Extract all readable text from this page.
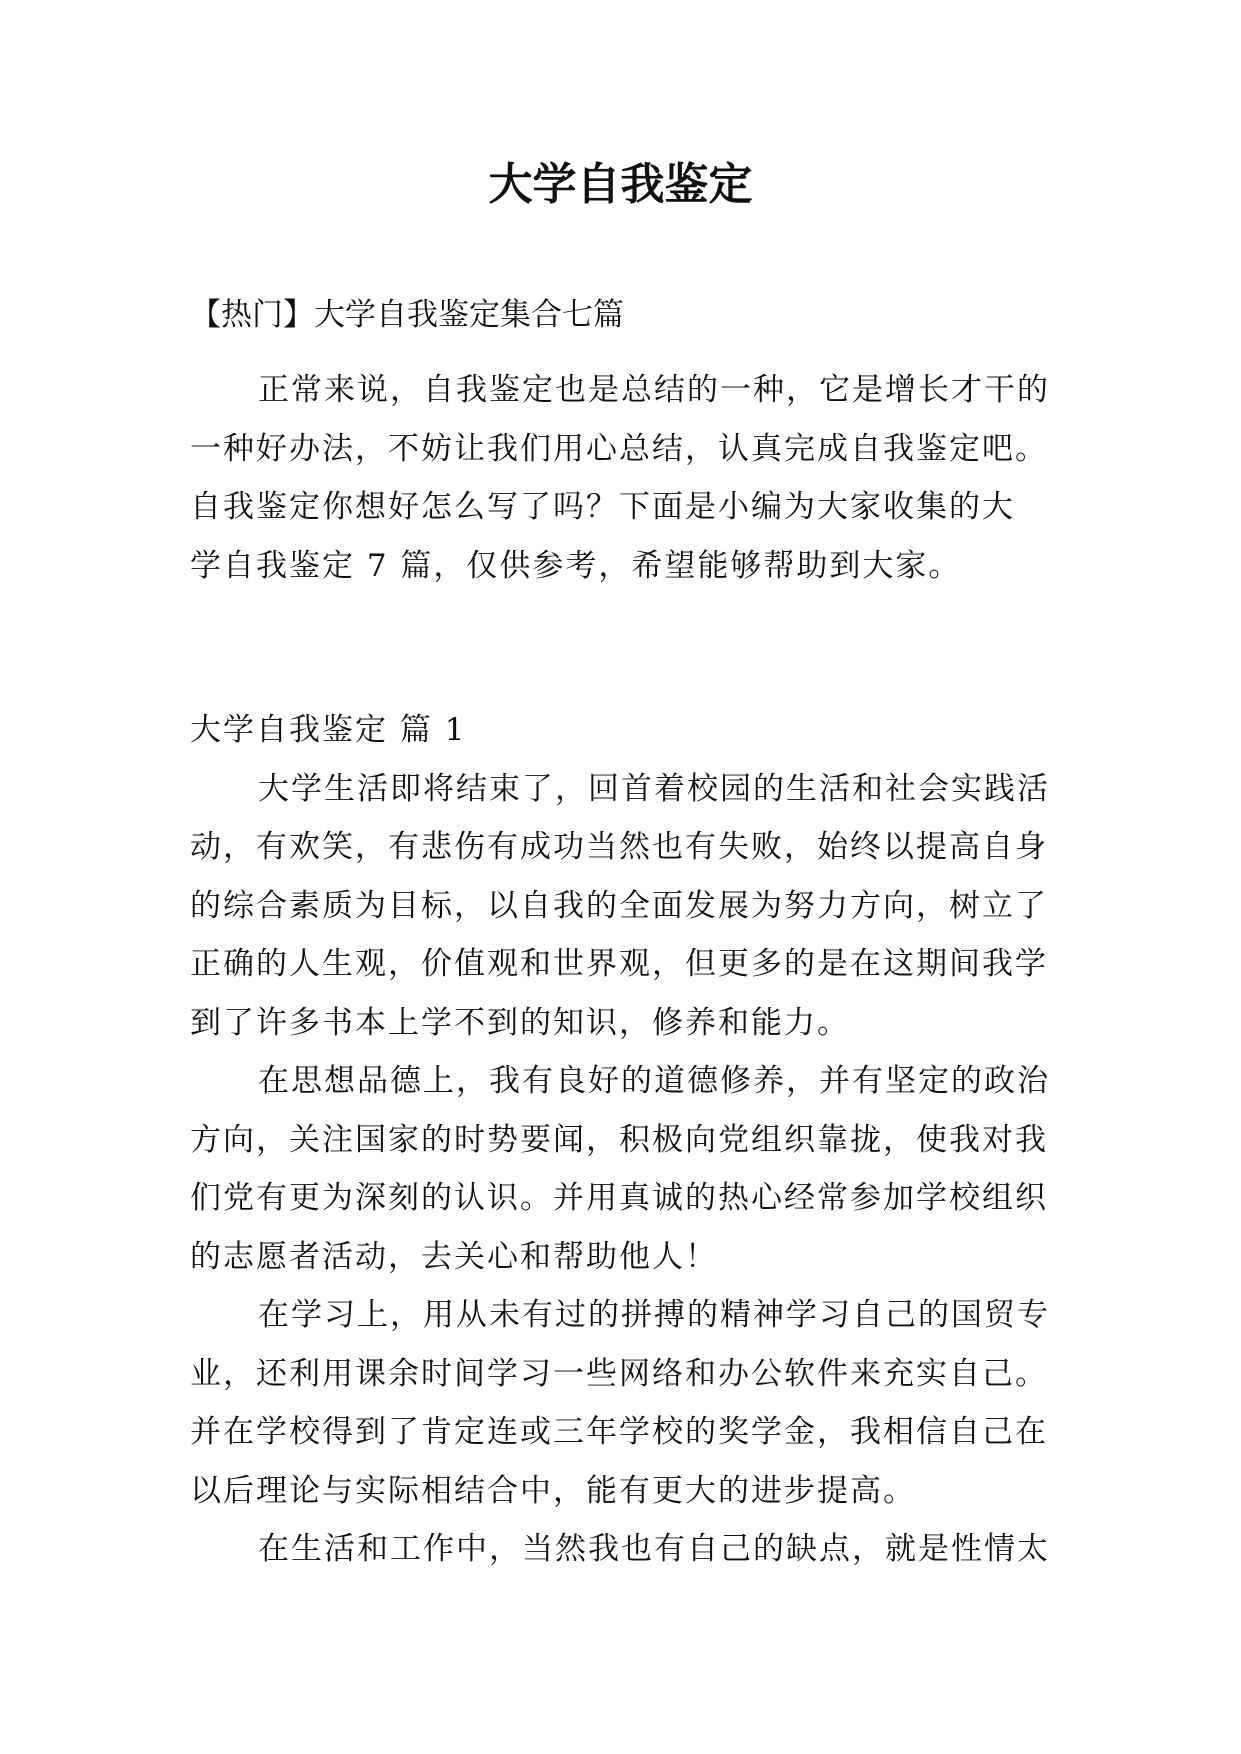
大学自我鉴定

【热门】大学自我鉴定集合七篇

正常来说，自我鉴定也是总结的一种，它是增长才干的
一种好办法，不妨让我们用心总结，认真完成自我鉴定吧。
自我鉴定你想好怎么写了吗？下面是小编为大家收集的大
学自我鉴定 7 篇，仅供参考，希望能够帮助到大家。
大学自我鉴定 篇 1
大学生活即将结束了，回首着校园的生活和社会实践活
动，有欢笑，有悲伤有成功当然也有失败，始终以提高自身
的综合素质为目标，以自我的全面发展为努力方向，树立了
正确的人生观，价值观和世界观，但更多的是在这期间我学
到了许多书本上学不到的知识，修养和能力。
在思想品德上，我有良好的道德修养，并有坚定的政治
方向，关注国家的时势要闻，积极向党组织靠拢，使我对我
们党有更为深刻的认识。并用真诚的热心经常参加学校组织
的志愿者活动，去关心和帮助他人！
在学习上，用从未有过的拼搏的精神学习自己的国贸专
业，还利用课余时间学习一些网络和办公软件来充实自己。
并在学校得到了肯定连或三年学校的奖学金，我相信自己在
以后理论与实际相结合中，能有更大的进步提高。
在生活和工作中，当然我也有自己的缺点，就是性情太
